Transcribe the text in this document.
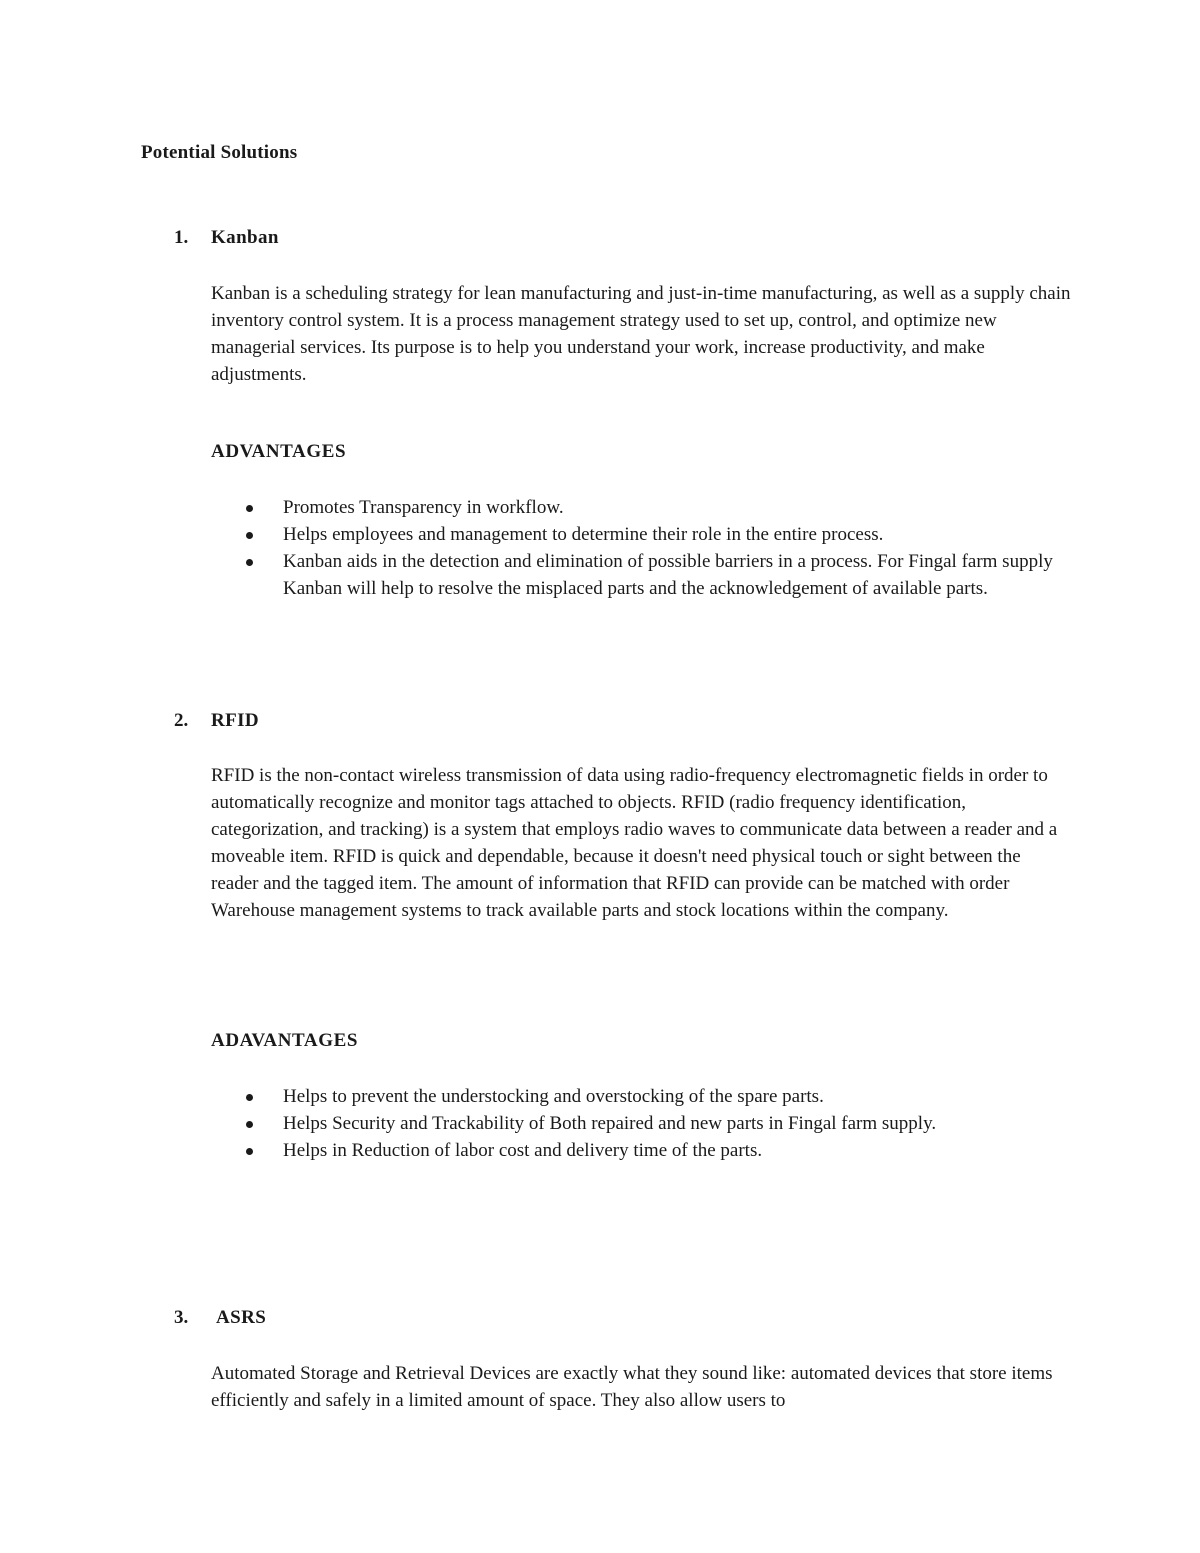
Potential Solutions
1. Kanban

Kanban is a scheduling strategy for lean manufacturing and just-in-time manufacturing, as well as a supply chain inventory control system. It is a process management strategy used to set up, control, and optimize new managerial services. Its purpose is to help you understand your work, increase productivity, and make adjustments.

ADVANTAGES
Promotes Transparency in workflow.
Helps employees and management to determine their role in the entire process.
Kanban aids in the detection and elimination of possible barriers in a process. For Fingal farm supply Kanban will help to resolve the misplaced parts and the acknowledgement of available parts.
2. RFID

RFID is the non-contact wireless transmission of data using radio-frequency electromagnetic fields in order to automatically recognize and monitor tags attached to objects. RFID (radio frequency identification, categorization, and tracking) is a system that employs radio waves to communicate data between a reader and a moveable item. RFID is quick and dependable, because it doesn't need physical touch or sight between the reader and the tagged item. The amount of information that RFID can provide can be matched with order Warehouse management systems to track available parts and stock locations within the company.

ADAVANTAGES
Helps to prevent the understocking and overstocking of the spare parts.
Helps Security and Trackability of Both repaired and new parts in Fingal farm supply.
Helps in Reduction of labor cost and delivery time of the parts.
3. ASRS

Automated Storage and Retrieval Devices are exactly what they sound like: automated devices that store items efficiently and safely in a limited amount of space. They also allow users to
